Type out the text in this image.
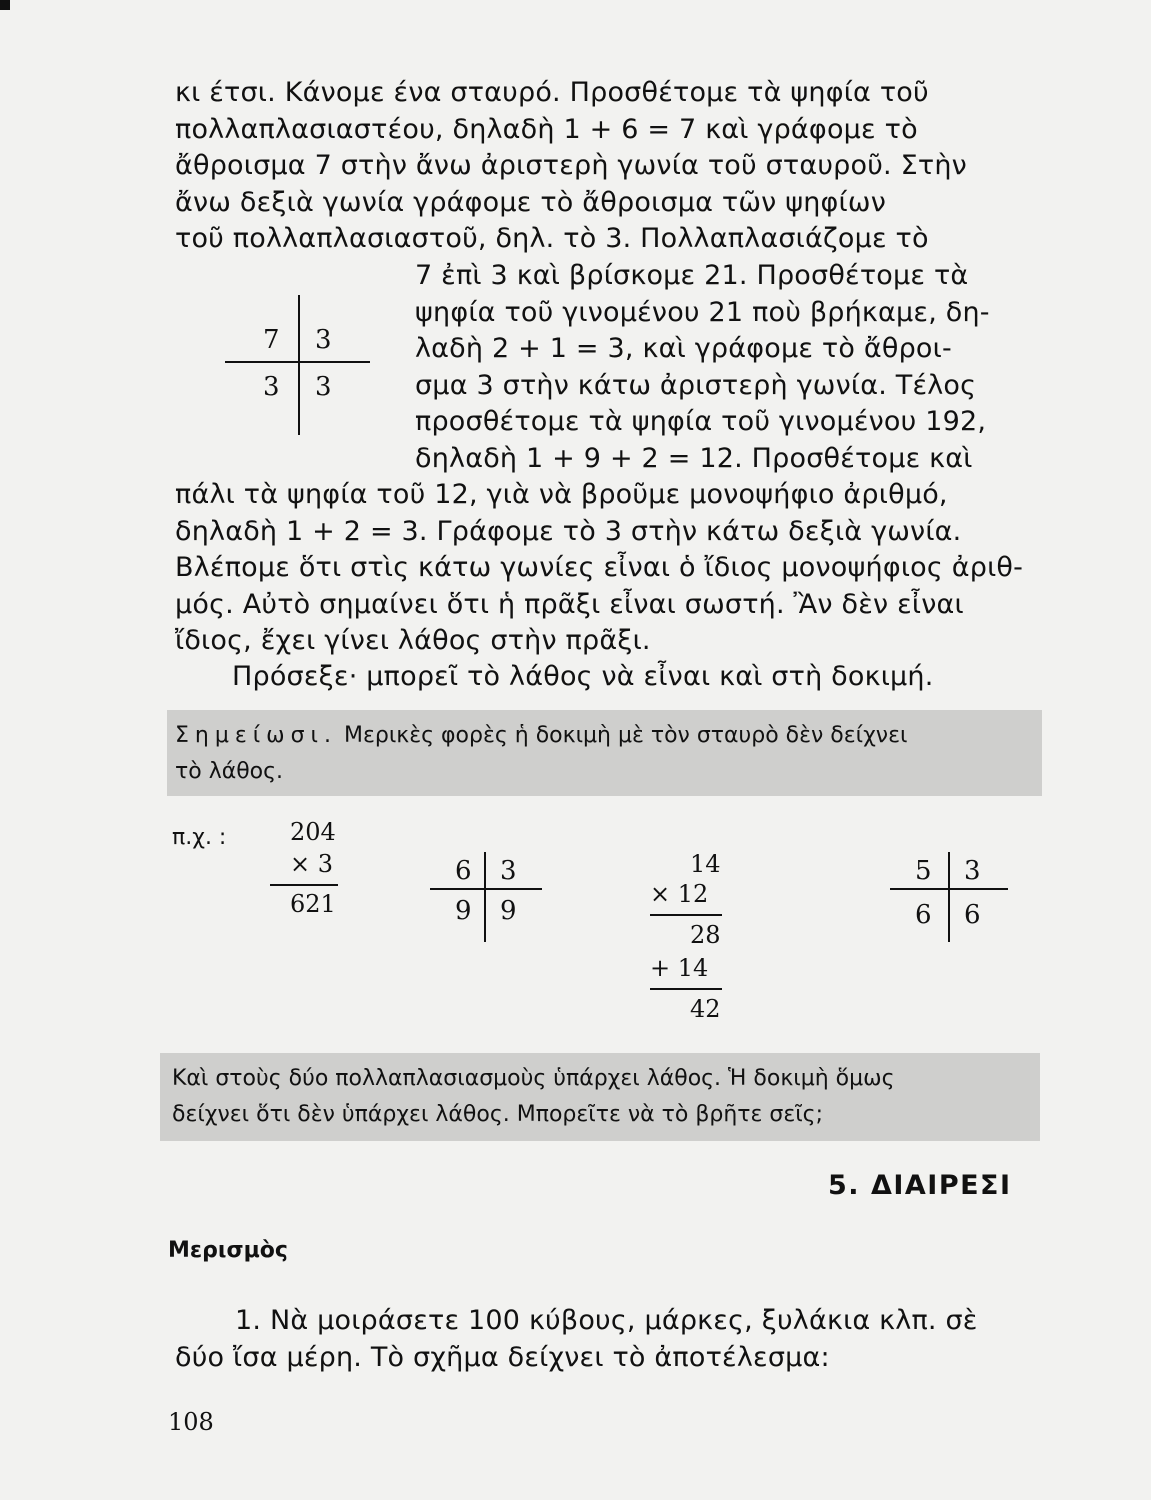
κι έτσι. Κάνομε ένα σταυρό. Προσθέτομε τὰ ψηφία τοῦ
πολλαπλασιαστέου, δηλαδὴ 1 + 6 = 7 καὶ γράφομε τὸ
ἄθροισμα 7 στὴν ἄνω ἀριστερὴ γωνία τοῦ σταυροῦ. Στὴν
ἄνω δεξιὰ γωνία γράφομε τὸ ἄθροισμα τῶν ψηφίων
τοῦ πολλαπλασιαστοῦ, δηλ. τὸ 3. Πολλαπλασιάζομε τὸ
7 ἐπὶ 3 καὶ βρίσκομε 21. Προσθέτομε τὰ
ψηφία τοῦ γινομένου 21 ποὺ βρήκαμε, δη-
λαδὴ 2 + 1 = 3, καὶ γράφομε τὸ ἄθροι-
σμα 3 στὴν κάτω ἀριστερὴ γωνία. Τέλος
προσθέτομε τὰ ψηφία τοῦ γινομένου 192,
δηλαδὴ 1 + 9 + 2 = 12. Προσθέτομε καὶ
7 3
3 3
πάλι τὰ ψηφία τοῦ 12, γιὰ νὰ βροῦμε μονοψήφιο ἀριθμό,
δηλαδὴ 1 + 2 = 3. Γράφομε τὸ 3 στὴν κάτω δεξιὰ γωνία.
Βλέπομε ὅτι στὶς κάτω γωνίες εἶναι ὁ ἴδιος μονοψήφιος ἀριθ-
μός. Αὐτὸ σημαίνει ὅτι ἡ πρᾶξι εἶναι σωστή. Ἂν δὲν εἶναι
ἴδιος, ἔχει γίνει λάθος στὴν πρᾶξι.
Πρόσεξε· μπορεῖ τὸ λάθος νὰ εἶναι καὶ στὴ δοκιμή.
Σημείωσι. Μερικὲς φορὲς ἡ δοκιμὴ μὲ τὸν σταυρὸ δὲν δείχνει
τὸ λάθος.
π.χ. :	204
× 3
621
6 3
9 9
14
× 12
28
+ 14
42
5 3
6 6
Καὶ στοὺς δύο πολλαπλασιασμοὺς ὑπάρχει λάθος. Ἡ δοκιμὴ ὅμως
δείχνει ὅτι δὲν ὑπάρχει λάθος. Μπορεῖτε νὰ τὸ βρῆτε σεῖς;
5. ΔΙΑΙΡΕΣΙ
Μερισμὸς
1. Νὰ μοιράσετε 100 κύβους, μάρκες, ξυλάκια κλπ. σὲ
δύο ἴσα μέρη. Τὸ σχῆμα δείχνει τὸ ἀποτέλεσμα:
108
